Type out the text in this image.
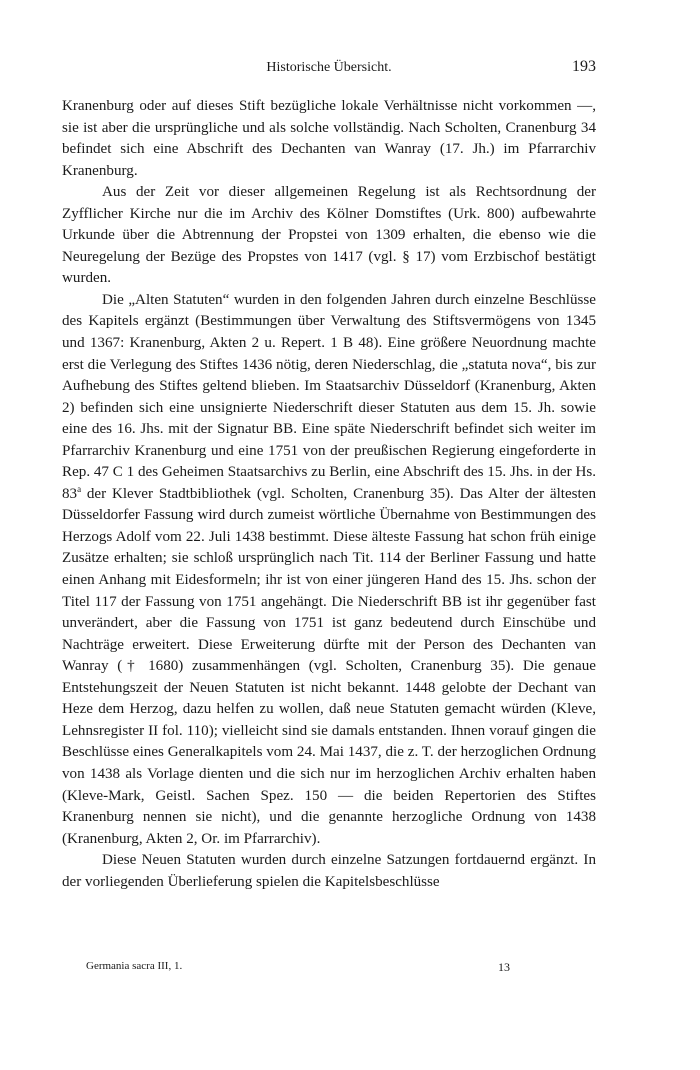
Historische Übersicht.	193

Kranenburg oder auf dieses Stift bezügliche lokale Verhältnisse nicht vorkommen —, sie ist aber die ursprüngliche und als solche vollständig. Nach Scholten, Cranenburg 34 befindet sich eine Abschrift des Dechanten van Wanray (17. Jh.) im Pfarrarchiv Kranenburg.

Aus der Zeit vor dieser allgemeinen Regelung ist als Rechtsordnung der Zyfflicher Kirche nur die im Archiv des Kölner Domstiftes (Urk. 800) aufbewahrte Urkunde über die Abtrennung der Propstei von 1309 erhalten, die ebenso wie die Neuregelung der Bezüge des Propstes von 1417 (vgl. § 17) vom Erzbischof bestätigt wurden.

Die „Alten Statuten“ wurden in den folgenden Jahren durch einzelne Beschlüsse des Kapitels ergänzt (Bestimmungen über Verwaltung des Stiftsvermögens von 1345 und 1367: Kranenburg, Akten 2 u. Repert. 1 B 48). Eine größere Neuordnung machte erst die Verlegung des Stiftes 1436 nötig, deren Niederschlag, die „statuta nova“, bis zur Aufhebung des Stiftes geltend blieben. Im Staatsarchiv Düsseldorf (Kranenburg, Akten 2) befinden sich eine unsignierte Niederschrift dieser Statuten aus dem 15. Jh. sowie eine des 16. Jhs. mit der Signatur BB. Eine späte Niederschrift befindet sich weiter im Pfarrarchiv Kranenburg und eine 1751 von der preußischen Regierung eingeforderte in Rep. 47 C 1 des Geheimen Staatsarchivs zu Berlin, eine Abschrift des 15. Jhs. in der Hs. 83$^a$ der Klever Stadtbibliothek (vgl. Scholten, Cranenburg 35). Das Alter der ältesten Düsseldorfer Fassung wird durch zumeist wörtliche Übernahme von Bestimmungen des Herzogs Adolf vom 22. Juli 1438 bestimmt. Diese älteste Fassung hat schon früh einige Zusätze erhalten; sie schloß ursprünglich nach Tit. 114 der Berliner Fassung und hatte einen Anhang mit Eidesformeln; ihr ist von einer jüngeren Hand des 15. Jhs. schon der Titel 117 der Fassung von 1751 angehängt. Die Niederschrift BB ist ihr gegenüber fast unverändert, aber die Fassung von 1751 ist ganz bedeutend durch Einschübe und Nachträge erweitert. Diese Erweiterung dürfte mit der Person des Dechanten van Wanray († 1680) zusammenhängen (vgl. Scholten, Cranenburg 35). Die genaue Entstehungszeit der Neuen Statuten ist nicht bekannt. 1448 gelobte der Dechant van Heze dem Herzog, dazu helfen zu wollen, daß neue Statuten gemacht würden (Kleve, Lehnsregister II fol. 110); vielleicht sind sie damals entstanden. Ihnen vorauf gingen die Beschlüsse eines Generalkapitels vom 24. Mai 1437, die z. T. der herzoglichen Ordnung von 1438 als Vorlage dienten und die sich nur im herzoglichen Archiv erhalten haben (Kleve-Mark, Geistl. Sachen Spez. 150 — die beiden Repertorien des Stiftes Kranenburg nennen sie nicht), und die genannte herzogliche Ordnung von 1438 (Kranenburg, Akten 2, Or. im Pfarrarchiv).

Diese Neuen Statuten wurden durch einzelne Satzungen fortdauernd ergänzt. In der vorliegenden Überlieferung spielen die Kapitelsbeschlüsse

Germania sacra III, 1.	13
